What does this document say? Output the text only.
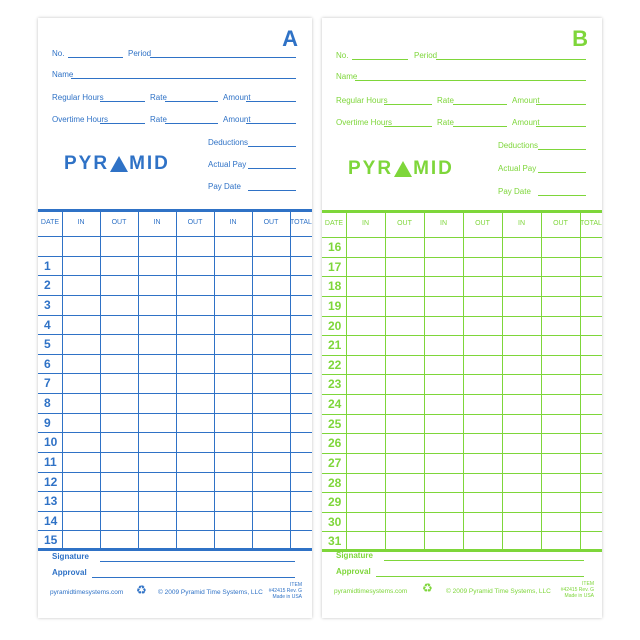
A
No.	Period
Name
Regular Hours	Rate	Amount
Overtime Hours	Rate	Amount
Deductions
Actual Pay
Pay Date
PYR MID
DATE	IN	OUT	IN	OUT	IN	OUT	TOTAL
1
2
3
4
5
6
7
8
9
10
11
12
13
14
15
Signature
Approval
pyramidtimesystems.com ♻ © 2009 Pyramid Time Systems, LLC
ITEM
#42415 Rev. G
Made in USA
B
No.	Period
Name
Regular Hours	Rate	Amount
Overtime Hours	Rate	Amount
Deductions
Actual Pay
Pay Date
PYR MID
DATE	IN	OUT	IN	OUT	IN	OUT	TOTAL
16
17
18
19
20
21
22
23
24
25
26
27
28
29
30
31
Signature
Approval
pyramidtimesystems.com ♻ © 2009 Pyramid Time Systems, LLC
ITEM
#42415 Rev. G
Made in USA
